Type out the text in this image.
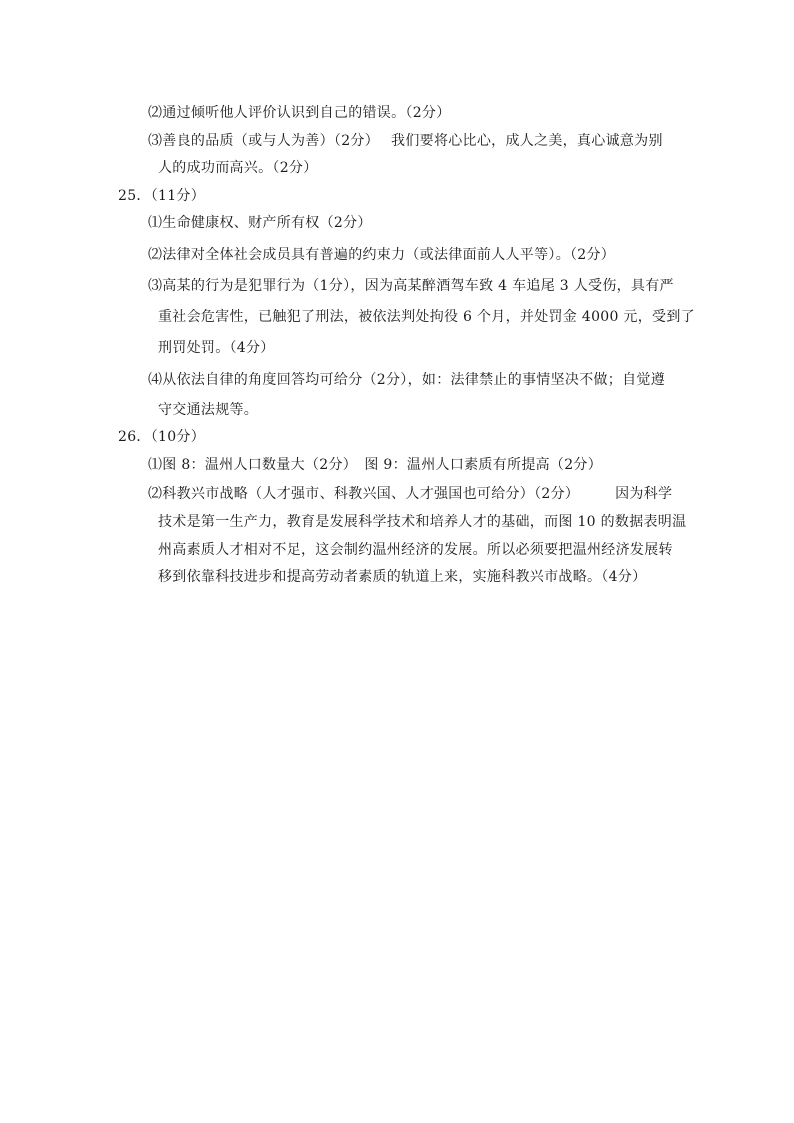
⑵通过倾听他人评价认识到自己的错误。（2分）
⑶善良的品质（或与人为善）（2分）　 我们要将心比心，成人之美，真心诚意为别
人的成功而高兴。（2分）
25．（11分）
⑴生命健康权、财产所有权（2分）
⑵法律对全体社会成员具有普遍的约束力（或法律面前人人平等）。（2分）
⑶高某的行为是犯罪行为（1分），因为高某醉酒驾车致 4 车追尾 3 人受伤，具有严
重社会危害性，已触犯了刑法，被依法判处拘役 6 个月，并处罚金 4000 元，受到了
刑罚处罚。（4分）
⑷从依法自律的角度回答均可给分（2分），如：法律禁止的事情坚决不做；自觉遵
守交通法规等。
26．（10分）
⑴图 8：温州人口数量大（2分）　图 9：温州人口素质有所提高（2分）
⑵科教兴市战略（人才强市、科教兴国、人才强国也可给分）（2分）　　　因为科学
技术是第一生产力，教育是发展科学技术和培养人才的基础，而图 10 的数据表明温
州高素质人才相对不足，这会制约温州经济的发展。所以必须要把温州经济发展转
移到依靠科技进步和提高劳动者素质的轨道上来，实施科教兴市战略。（4分）
